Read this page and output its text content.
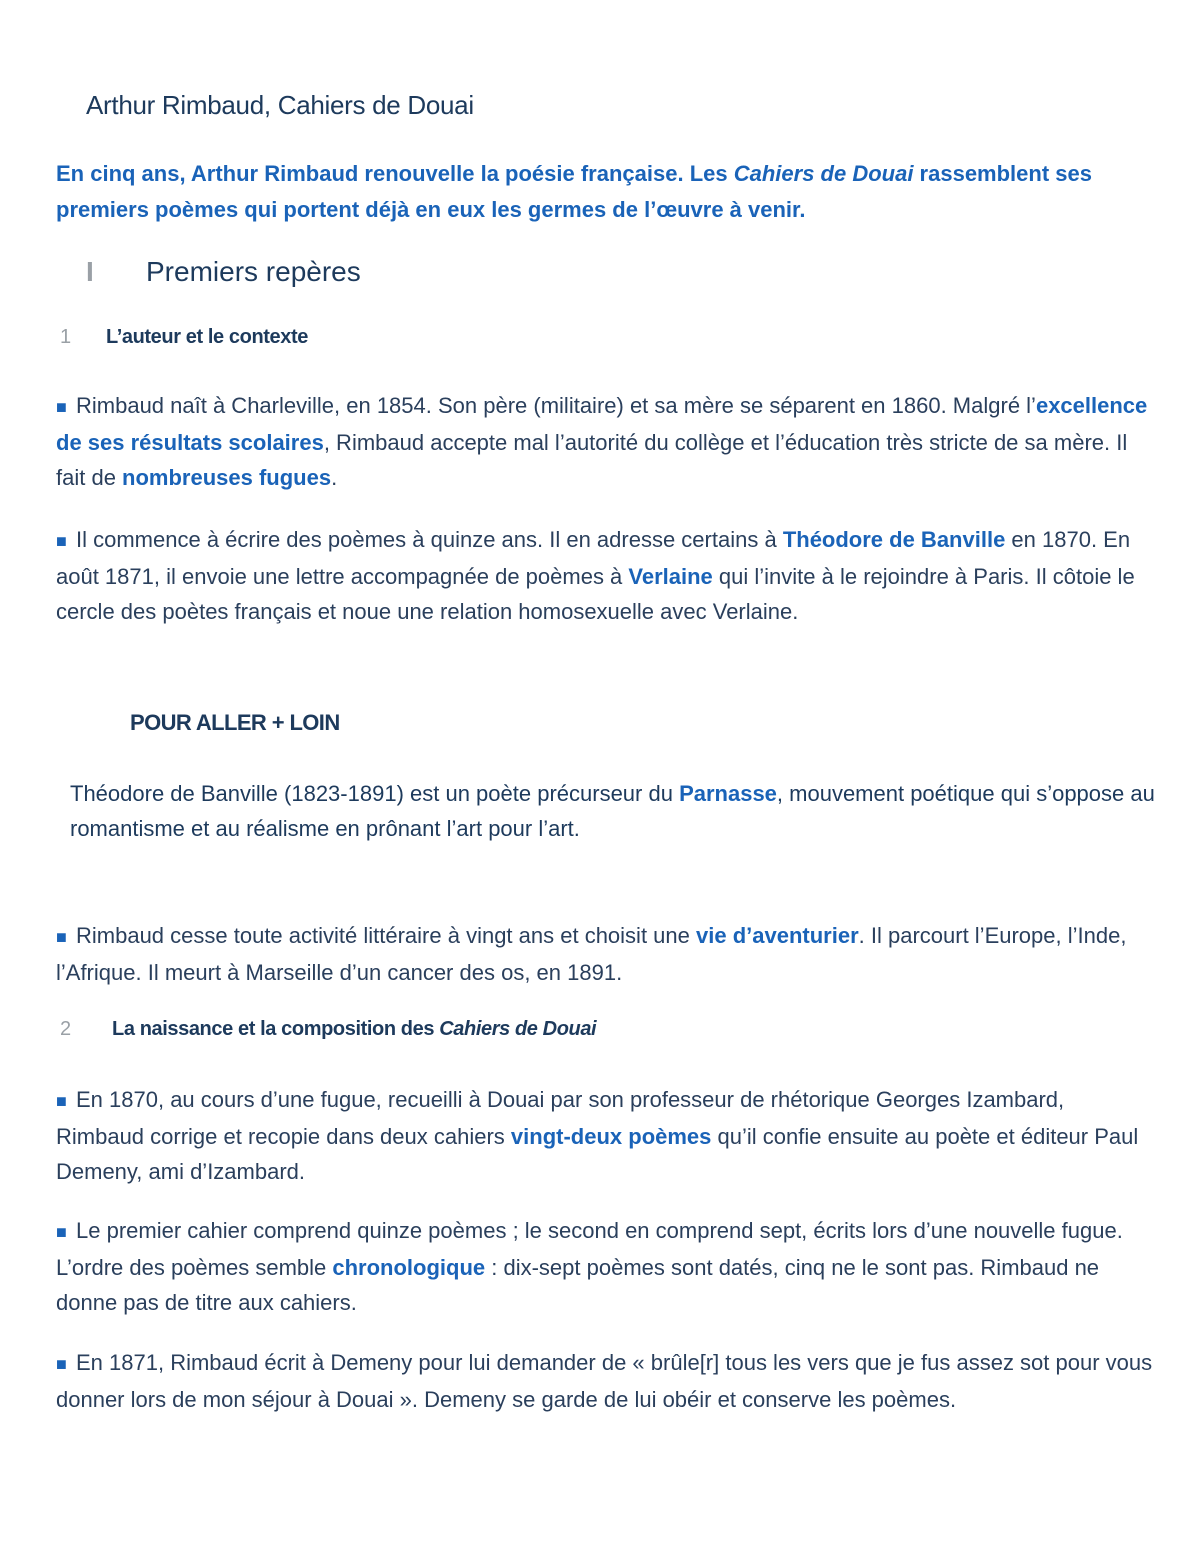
Arthur Rimbaud, Cahiers de Douai
En cinq ans, Arthur Rimbaud renouvelle la poésie française. Les Cahiers de Douai rassemblent ses premiers poèmes qui portent déjà en eux les germes de l’œuvre à venir.
I Premiers repères
1 L’auteur et le contexte
■ Rimbaud naît à Charleville, en 1854. Son père (militaire) et sa mère se séparent en 1860. Malgré l’excellence de ses résultats scolaires, Rimbaud accepte mal l’autorité du collège et l’éducation très stricte de sa mère. Il fait de nombreuses fugues.
■ Il commence à écrire des poèmes à quinze ans. Il en adresse certains à Théodore de Banville en 1870. En août 1871, il envoie une lettre accompagnée de poèmes à Verlaine qui l’invite à le rejoindre à Paris. Il côtoie le cercle des poètes français et noue une relation homosexuelle avec Verlaine.
POUR ALLER + LOIN
Théodore de Banville (1823-1891) est un poète précurseur du Parnasse, mouvement poétique qui s’oppose au romantisme et au réalisme en prônant l’art pour l’art.
■ Rimbaud cesse toute activité littéraire à vingt ans et choisit une vie d’aventurier. Il parcourt l’Europe, l’Inde, l’Afrique. Il meurt à Marseille d’un cancer des os, en 1891.
2 La naissance et la composition des Cahiers de Douai
■ En 1870, au cours d’une fugue, recueilli à Douai par son professeur de rhétorique Georges Izambard, Rimbaud corrige et recopie dans deux cahiers vingt-deux poèmes qu’il confie ensuite au poète et éditeur Paul Demeny, ami d’Izambard.
■ Le premier cahier comprend quinze poèmes ; le second en comprend sept, écrits lors d’une nouvelle fugue. L’ordre des poèmes semble chronologique : dix-sept poèmes sont datés, cinq ne le sont pas. Rimbaud ne donne pas de titre aux cahiers.
■ En 1871, Rimbaud écrit à Demeny pour lui demander de « brûle[r] tous les vers que je fus assez sot pour vous donner lors de mon séjour à Douai ». Demeny se garde de lui obéir et conserve les poèmes.
